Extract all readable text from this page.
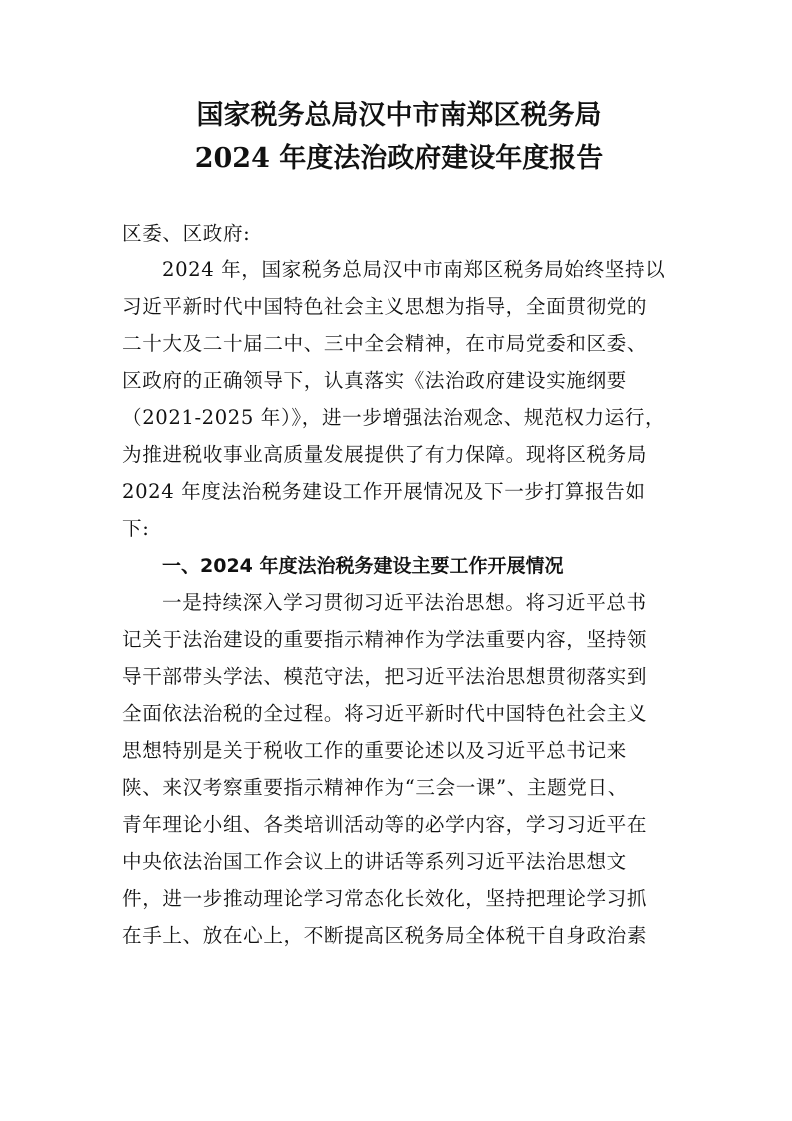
国家税务总局汉中市南郑区税务局
2024 年度法治政府建设年度报告
区委、区政府:
2024 年，国家税务总局汉中市南郑区税务局始终坚持以
习近平新时代中国特色社会主义思想为指导，全面贯彻党的
二十大及二十届二中、三中全会精神，在市局党委和区委、
区政府的正确领导下，认真落实《法治政府建设实施纲要
（2021-2025 年）》，进一步增强法治观念、规范权力运行，
为推进税收事业高质量发展提供了有力保障。现将区税务局
2024 年度法治税务建设工作开展情况及下一步打算报告如
下:
一、2024 年度法治税务建设主要工作开展情况
一是持续深入学习贯彻习近平法治思想。将习近平总书
记关于法治建设的重要指示精神作为学法重要内容，坚持领
导干部带头学法、模范守法，把习近平法治思想贯彻落实到
全面依法治税的全过程。将习近平新时代中国特色社会主义
思想特别是关于税收工作的重要论述以及习近平总书记来
陕、来汉考察重要指示精神作为“三会一课”、主题党日、
青年理论小组、各类培训活动等的必学内容，学习习近平在
中央依法治国工作会议上的讲话等系列习近平法治思想文
件，进一步推动理论学习常态化长效化，坚持把理论学习抓
在手上、放在心上，不断提高区税务局全体税干自身政治素
